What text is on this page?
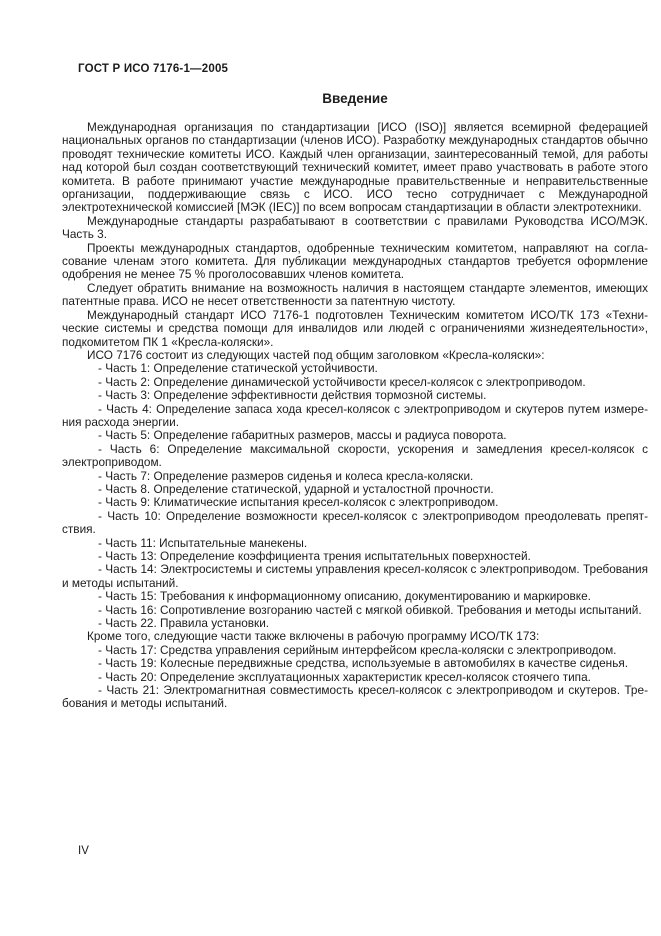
ГОСТ Р ИСО 7176-1—2005
Введение

Международная организация по стандартизации [ИСО (ISO)] является всемирной федерацией национальных органов по стандартизации (членов ИСО). Разработку международных стандартов обычно проводят технические комитеты ИСО. Каждый член организации, заинтересованный темой, для работы над которой был создан соответствующий технический комитет, имеет право участвовать в работе этого комитета. В работе принимают участие международные правительственные и неправительственные организации, поддерживающие связь с ИСО. ИСО тесно сотрудничает с Международной электротехнической комиссией [МЭК (IEC)] по всем вопросам стандартизации в области электротехники.

Международные стандарты разрабатывают в соответствии с правилами Руководства ИСО/МЭК. Часть 3.

Проекты международных стандартов, одобренные техническим комитетом, направляют на согласование членам этого комитета. Для публикации международных стандартов требуется оформление одобрения не менее 75 % проголосовавших членов комитета.

Следует обратить внимание на возможность наличия в настоящем стандарте элементов, имеющих патентные права. ИСО не несет ответственности за патентную чистоту.

Международный стандарт ИСО 7176-1 подготовлен Техническим комитетом ИСО/ТК 173 «Технические системы и средства помощи для инвалидов или людей с ограничениями жизнедеятельности», подкомитетом ПК 1 «Кресла-коляски».

ИСО 7176 состоит из следующих частей под общим заголовком «Кресла-коляски»:

- Часть 1: Определение статической устойчивости.

- Часть 2: Определение динамической устойчивости кресел-колясок с электроприводом.

- Часть 3: Определение эффективности действия тормозной системы.

- Часть 4: Определение запаса хода кресел-колясок с электроприводом и скутеров путем измерения расхода энергии.

- Часть 5: Определение габаритных размеров, массы и радиуса поворота.

- Часть 6: Определение максимальной скорости, ускорения и замедления кресел-колясок с электроприводом.

- Часть 7: Определение размеров сиденья и колеса кресла-коляски.

- Часть 8. Определение статической, ударной и усталостной прочности.

- Часть 9: Климатические испытания кресел-колясок с электроприводом.

- Часть 10: Определение возможности кресел-колясок с электроприводом преодолевать препятствия.

- Часть 11: Испытательные манекены.

- Часть 13: Определение коэффициента трения испытательных поверхностей.

- Часть 14: Электросистемы и системы управления кресел-колясок с электроприводом. Требования и методы испытаний.

- Часть 15: Требования к информационному описанию, документированию и маркировке.

- Часть 16: Сопротивление возгоранию частей с мягкой обивкой. Требования и методы испытаний.

- Часть 22. Правила установки.

Кроме того, следующие части также включены в рабочую программу ИСО/ТК 173:

- Часть 17: Средства управления серийным интерфейсом кресла-коляски с электроприводом.

- Часть 19: Колесные передвижные средства, используемые в автомобилях в качестве сиденья.

- Часть 20: Определение эксплуатационных характеристик кресел-колясок стоячего типа.

- Часть 21: Электромагнитная совместимость кресел-колясок с электроприводом и скутеров. Требования и методы испытаний.

IV
